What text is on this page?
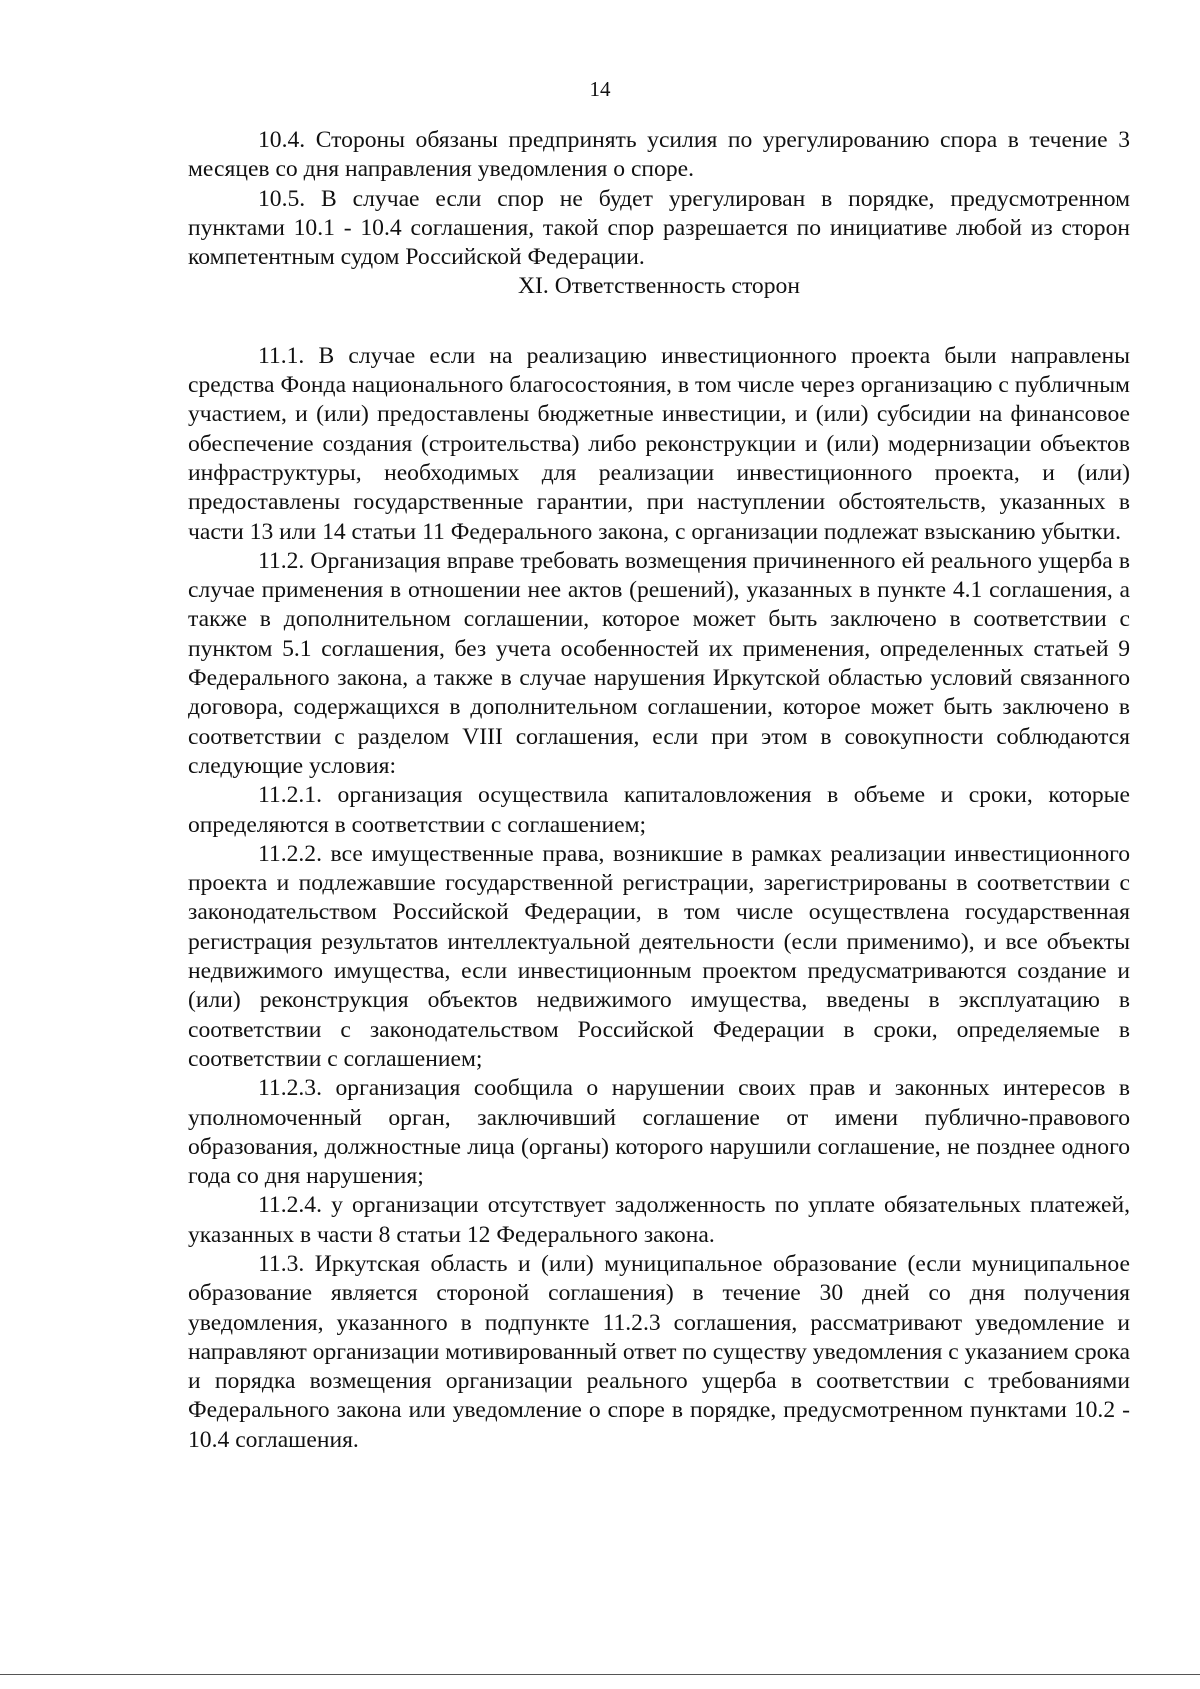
14

10.4. Стороны обязаны предпринять усилия по урегулированию спора в течение 3 месяцев со дня направления уведомления о споре.

10.5. В случае если спор не будет урегулирован в порядке, предусмотренном пунктами 10.1 - 10.4 соглашения, такой спор разрешается по инициативе любой из сторон компетентным судом Российской Федерации.

XI. Ответственность сторон

11.1. В случае если на реализацию инвестиционного проекта были направлены средства Фонда национального благосостояния, в том числе через организацию с публичным участием, и (или) предоставлены бюджетные инвестиции, и (или) субсидии на финансовое обеспечение создания (строительства) либо реконструкции и (или) модернизации объектов инфраструктуры, необходимых для реализации инвестиционного проекта, и (или) предоставлены государственные гарантии, при наступлении обстоятельств, указанных в части 13 или 14 статьи 11 Федерального закона, с организации подлежат взысканию убытки.

11.2. Организация вправе требовать возмещения причиненного ей реального ущерба в случае применения в отношении нее актов (решений), указанных в пункте 4.1 соглашения, а также в дополнительном соглашении, которое может быть заключено в соответствии с пунктом 5.1 соглашения, без учета особенностей их применения, определенных статьей 9 Федерального закона, а также в случае нарушения Иркутской областью условий связанного договора, содержащихся в дополнительном соглашении, которое может быть заключено в соответствии с разделом VIII соглашения, если при этом в совокупности соблюдаются следующие условия:

11.2.1. организация осуществила капиталовложения в объеме и сроки, которые определяются в соответствии с соглашением;

11.2.2. все имущественные права, возникшие в рамках реализации инвестиционного проекта и подлежавшие государственной регистрации, зарегистрированы в соответствии с законодательством Российской Федерации, в том числе осуществлена государственная регистрация результатов интеллектуальной деятельности (если применимо), и все объекты недвижимого имущества, если инвестиционным проектом предусматриваются создание и (или) реконструкция объектов недвижимого имущества, введены в эксплуатацию в соответствии с законодательством Российской Федерации в сроки, определяемые в соответствии с соглашением;

11.2.3. организация сообщила о нарушении своих прав и законных интересов в уполномоченный орган, заключивший соглашение от имени публично-правового образования, должностные лица (органы) которого нарушили соглашение, не позднее одного года со дня нарушения;

11.2.4. у организации отсутствует задолженность по уплате обязательных платежей, указанных в части 8 статьи 12 Федерального закона.

11.3. Иркутская область и (или) муниципальное образование (если муниципальное образование является стороной соглашения) в течение 30 дней со дня получения уведомления, указанного в подпункте 11.2.3 соглашения, рассматривают уведомление и направляют организации мотивированный ответ по существу уведомления с указанием срока и порядка возмещения организации реального ущерба в соответствии с требованиями Федерального закона или уведомление о споре в порядке, предусмотренном пунктами 10.2 - 10.4 соглашения.
